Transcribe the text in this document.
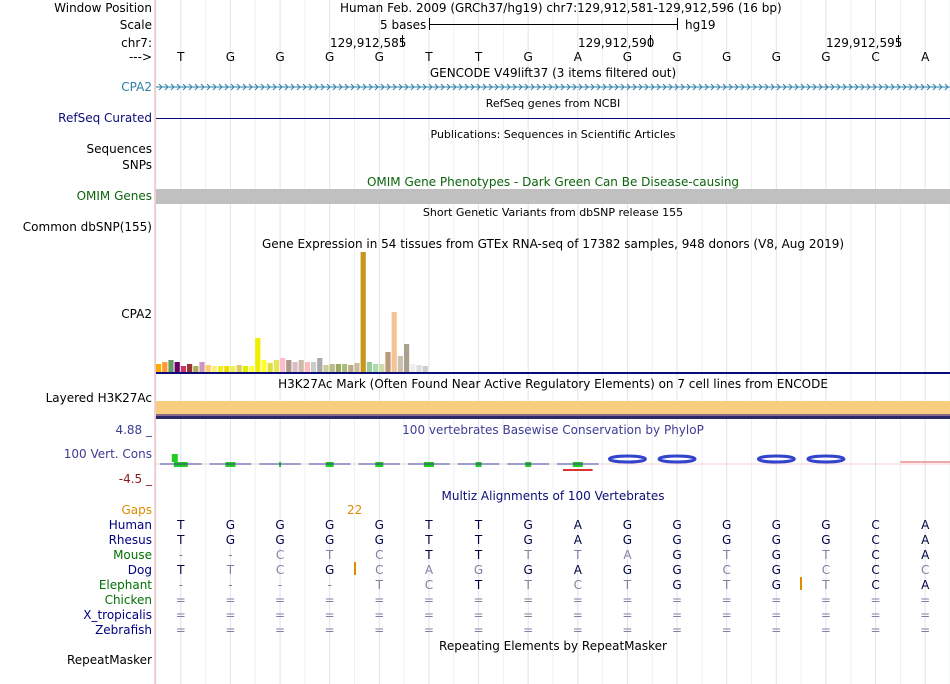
Window Position	Human Feb. 2009 (GRCh37/hg19) chr7:129,912,581-129,912,596 (16 bp)
Scale	5 bases	hg19
chr7:	129,912,585	129,912,590	129,912,595
---> T	G	G	G	G	T	T	G	A	G	G	G	G	G	C	A
GENCODE V49lift37 (3 items filtered out)
CPA2
RefSeq genes from NCBI
RefSeq Curated
Publications: Sequences in Scientific Articles
Sequences
SNPs
OMIM Gene Phenotypes - Dark Green Can Be Disease-causing
OMIM Genes
Short Genetic Variants from dbSNP release 155
Common dbSNP(155)
Gene Expression in 54 tissues from GTEx RNA-seq of 17382 samples, 948 donors (V8, Aug 2019)
CPA2
H3K27Ac Mark (Often Found Near Active Regulatory Elements) on 7 cell lines from ENCODE
Layered H3K27Ac
100 vertebrates Basewise Conservation by PhyloP
4.88 _
100 Vert. Cons
-4.5 _
Multiz Alignments of 100 Vertebrates
Gaps	22
Human T	G	G	G	G	T	T	G	A	G	G	G	G	G	C	A
Rhesus T	G	G	G	G	T	T	G	A	G	G	G	G	G	C	A
Mouse	-	-	C	T	C	T	T	T	T	A	G	T	G	T	C	A
Dog T	T	C	G	C	A	G	G	A	G	G	C	G	C	C	C
Elephant	-	-	-	-	T	C	T	T	C	T	G	T	G	T	C	A
Chicken =	=	=	=	=	=	=	=	=	=	=	=	=	=	=	=
X_tropicalis =	=	=	=	=	=	=	=	=	=	=	=	=	=	=	=
Zebrafish =	=	=	=	=	=	=	=	=	=	=	=	=	=	=	=
Repeating Elements by RepeatMasker
RepeatMasker
